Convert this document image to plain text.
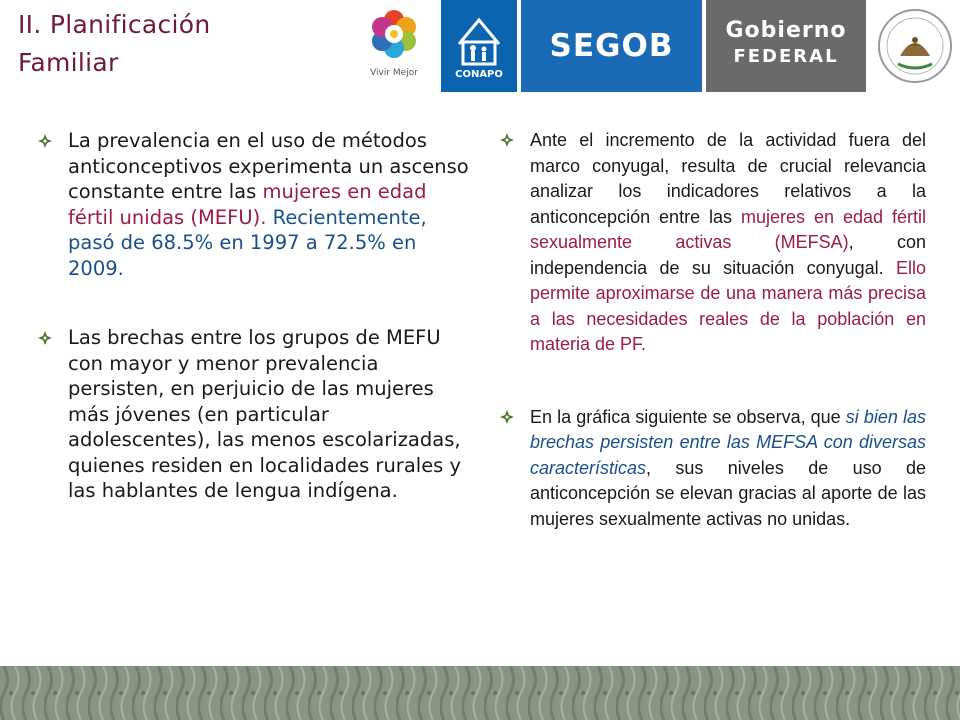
II. Planificación
Familiar	Vivir Mejor	CONAPO
SEGOB	Gobierno
FEDERAL
La prevalencia en el uso de métodos anticonceptivos experimenta un ascenso constante entre las mujeres en edad fértil unidas (MEFU). Recientemente, pasó de 68.5% en 1997 a 72.5% en 2009.
Las brechas entre los grupos de MEFU con mayor y menor prevalencia persisten, en perjuicio de las mujeres más jóvenes (en particular adolescentes), las menos escolarizadas, quienes residen en localidades rurales y las hablantes de lengua indígena.
Ante el incremento de la actividad fuera del marco conyugal, resulta de crucial relevancia analizar los indicadores relativos a la anticoncepción entre las mujeres en edad fértil sexualmente activas (MEFSA), con independencia de su situación conyugal. Ello permite aproximarse de una manera más precisa a las necesidades reales de la población en materia de PF.
En la gráfica siguiente se observa, que si bien las brechas persisten entre las MEFSA con diversas características, sus niveles de uso de anticoncepción se elevan gracias al aporte de las mujeres sexualmente activas no unidas.
